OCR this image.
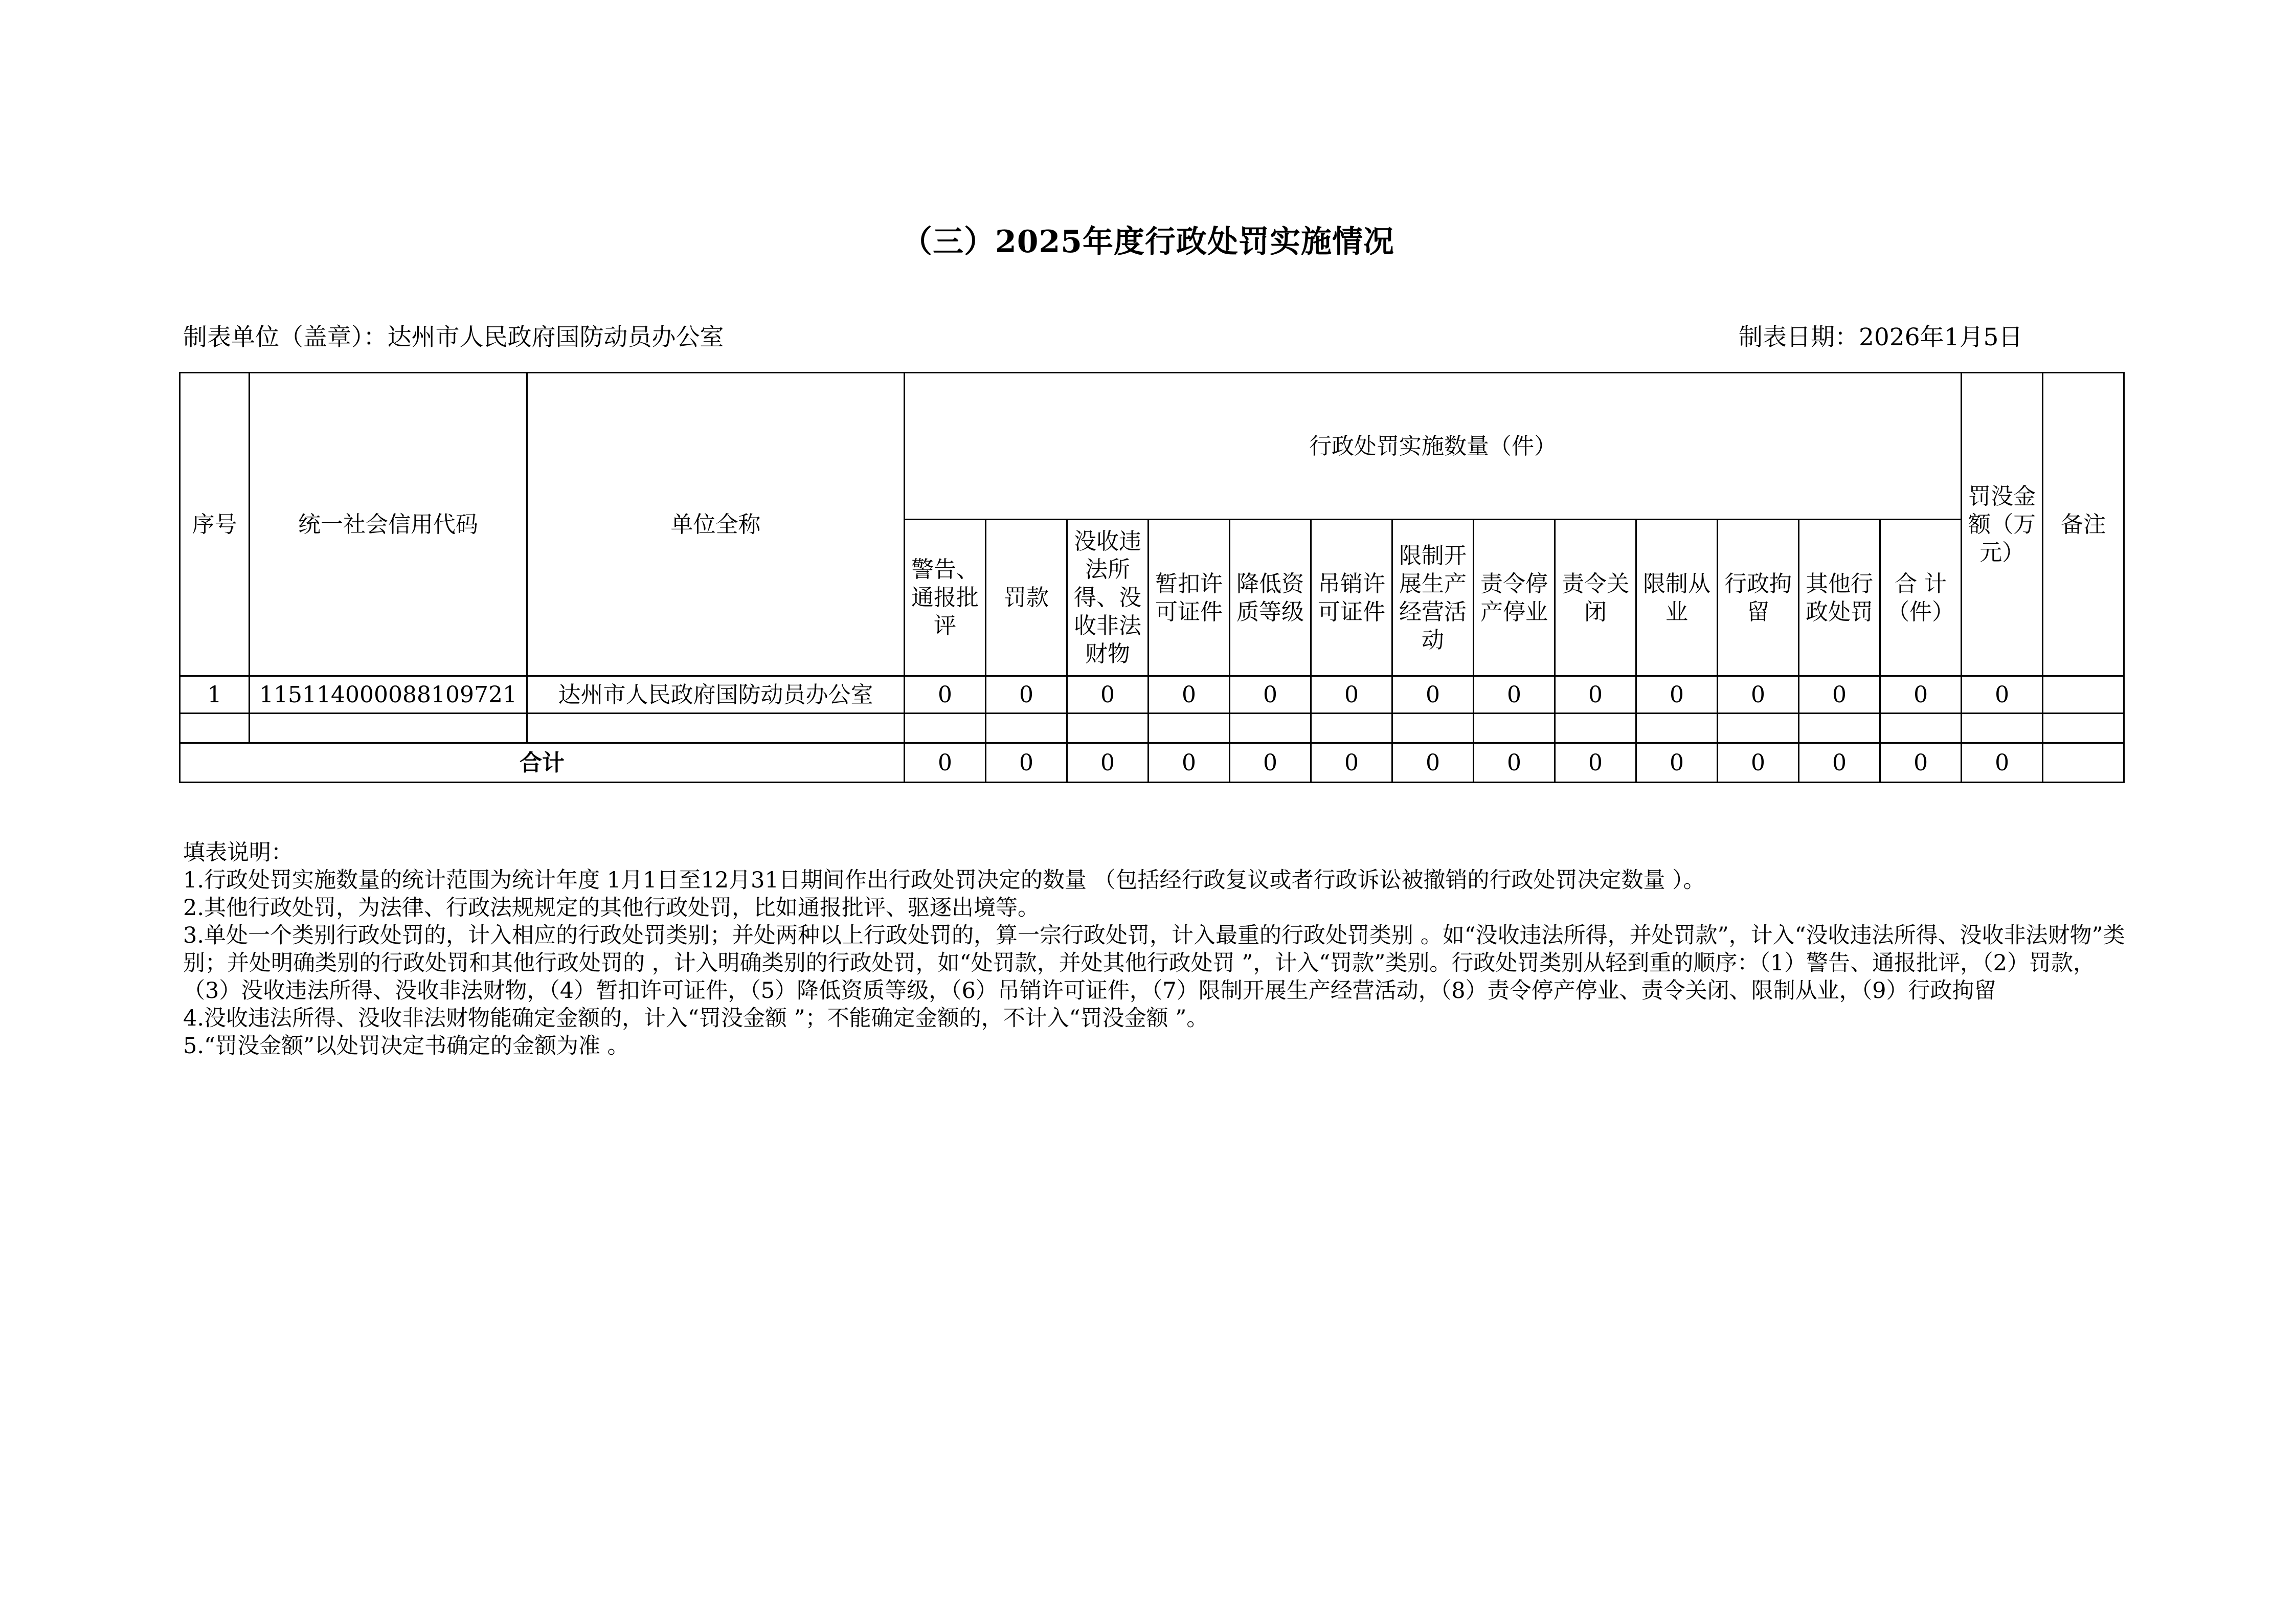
（三）2025年度行政处罚实施情况
制表单位（盖章）：达州市人民政府国防动员办公室	制表日期：2026年1月5日
序号	统一社会信用代码	单位全称	行政处罚实施数量（件）													罚没金额（万元）	备注
			警告、通报批评	罚款	没收违法所得、没收非法财物	暂扣许可证件	降低资质等级	吊销许可证件	限制开展生产经营活动	责令停产停业	责令关闭	限制从业	行政拘留	其他行政处罚	合 计（件）		
1	115114000088109721	达州市人民政府国防动员办公室	0	0	0	0	0	0	0	0	0	0	0	0	0	0	

合计			0	0	0	0	0	0	0	0	0	0	0	0	0	0	

填表说明：

1.行政处罚实施数量的统计范围为统计年度 1月1日至12月31日期间作出行政处罚决定的数量 （包括经行政复议或者行政诉讼被撤销的行政处罚决定数量 ）。

2.其他行政处罚，为法律、行政法规规定的其他行政处罚，比如通报批评、驱逐出境等。

3.单处一个类别行政处罚的，计入相应的行政处罚类别；并处两种以上行政处罚的，算一宗行政处罚，计入最重的行政处罚类别 。如“没收违法所得，并处罚款”，计入“没收违法所得、没收非法财物”类别；并处明确类别的行政处罚和其他行政处罚的 ，计入明确类别的行政处罚，如“处罚款，并处其他行政处罚 ”，计入“罚款”类别。行政处罚类别从轻到重的顺序：（1）警告、通报批评，（2）罚款，（3）没收违法所得、没收非法财物，（4）暂扣许可证件，（5）降低资质等级，（6）吊销许可证件，（7）限制开展生产经营活动，（8）责令停产停业、责令关闭、限制从业，（9）行政拘留

4.没收违法所得、没收非法财物能确定金额的，计入“罚没金额 ”；不能确定金额的，不计入“罚没金额 ”。

5.“罚没金额”以处罚决定书确定的金额为准 。
